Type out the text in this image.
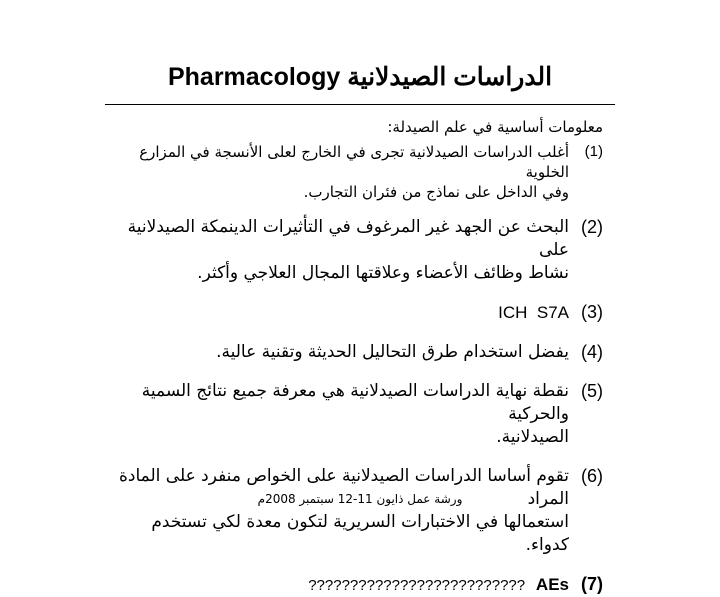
الدراسات الصيدلانية Pharmacology

معلومات أساسية في علم الصيدلة:

(1)
أغلب الدراسات الصيدلانية تجرى في الخارج لعلى الأنسجة في المزارع الخلوية
وفي الداخل على نماذج من فئران التجارب.
(2)
البحث عن الجهد غير المرغوف في التأثيرات الدينمكة الصيدلانية على
نشاط وظائف الأعضاء وعلاقتها المجال العلاجي وأكثر.
(3)
ICH  S7A
(4)
يفضل استخدام طرق التحاليل الحديثة وتقنية عالية.
(5)
نقطة نهاية الدراسات الصيدلانية هي معرفة جميع نتائج السمية والحركية
الصيدلانية.
(6)
تقوم أساسا الدراسات الصيدلانية على الخواص منفرد على المادة المراد
استعمالها في الاختبارات السريرية لتكون معدة لكي تستخدم كدواء.
(7)
AEs  ??????????????????????????
ورشة عمل ذايون 11-12 سبتمبر 2008م
